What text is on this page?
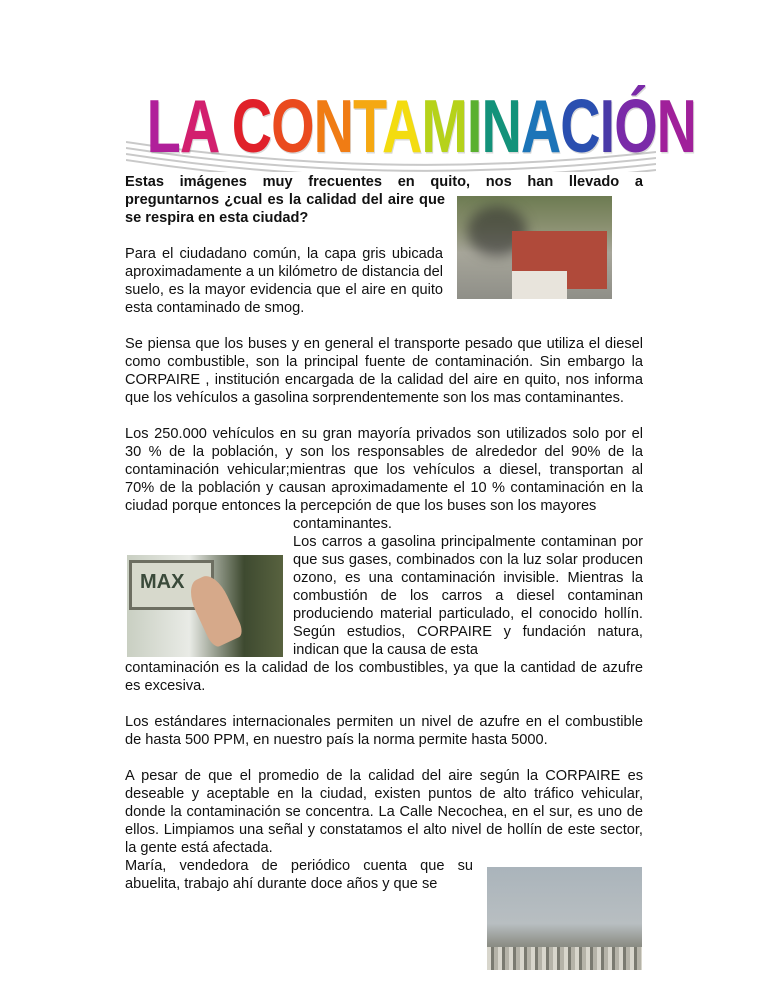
LA CONTAMINACIÓN

Estas imágenes muy frecuentes en quito, nos han llevado a

preguntarnos ¿cual es la calidad del aire que se respira en esta ciudad?

Para el ciudadano común, la capa gris ubicada aproximadamente a un kilómetro de distancia del suelo, es la mayor evidencia que el aire en quito esta contaminado de smog.

Se piensa que los buses y en general el transporte pesado que utiliza el diesel como combustible, son la principal fuente de contaminación. Sin embargo la CORPAIRE , institución encargada de la calidad del aire en quito, nos informa que los vehículos a gasolina sorprendentemente son los mas contaminantes.

Los 250.000 vehículos en su gran mayoría privados son utilizados solo por el 30 % de la población, y son los responsables de alrededor del 90% de la contaminación vehicular;mientras que los vehículos a diesel, transportan al 70% de la población y causan aproximadamente el 10 % contaminación en la ciudad porque entonces la percepción de que los buses son los mayores

contaminantes.

Los carros a gasolina principalmente contaminan por que sus gases, combinados con la luz solar producen ozono, es una contaminación invisible. Mientras la combustión de los carros a diesel contaminan produciendo material particulado, el conocido hollín. Según estudios, CORPAIRE y fundación natura, indican que la causa de esta

contaminación es la calidad de los combustibles, ya que la cantidad de azufre es excesiva.

Los estándares internacionales permiten un nivel de azufre en el combustible de hasta 500 PPM, en nuestro país la norma permite hasta 5000.

A pesar de que el promedio de la calidad del aire según la CORPAIRE es deseable y aceptable en la ciudad, existen puntos de alto tráfico vehicular, donde la contaminación se concentra. La Calle Necochea, en el sur, es uno de ellos. Limpiamos una señal y constatamos el alto nivel de hollín de este sector, la gente está afectada.

María, vendedora de periódico cuenta que su abuelita, trabajo ahí durante doce años y que se

MAX
